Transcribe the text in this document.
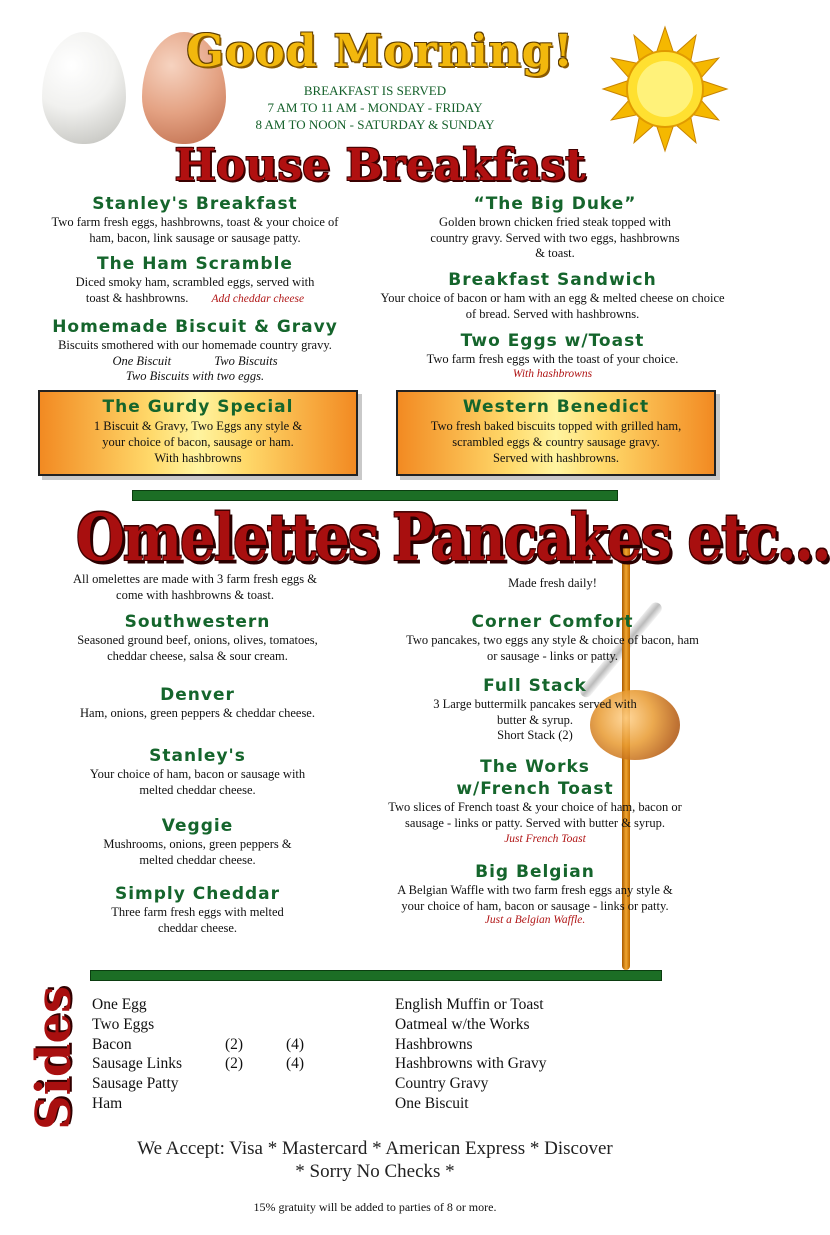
Good Morning!
BREAKFAST IS SERVED
7 AM TO 11 AM - MONDAY - FRIDAY
8 AM TO NOON - SATURDAY & SUNDAY
House Breakfast
Stanley's Breakfast
Two farm fresh eggs, hashbrowns, toast & your choice of ham, bacon, link sausage or sausage patty.
The Ham Scramble
Diced smoky ham, scrambled eggs, served with toast & hashbrowns. Add cheddar cheese
Homemade Biscuit & Gravy
Biscuits smothered with our homemade country gravy.
One Biscuit	Two Biscuits
Two Biscuits with two eggs.
“The Big Duke”
Golden brown chicken fried steak topped with country gravy. Served with two eggs, hashbrowns & toast.
Breakfast Sandwich
Your choice of bacon or ham with an egg & melted cheese on choice of bread. Served with hashbrowns.
Two Eggs w/Toast
Two farm fresh eggs with the toast of your choice.
With hashbrowns
The Gurdy Special
1 Biscuit & Gravy, Two Eggs any style &
your choice of bacon, sausage or ham.
With hashbrowns
Western Benedict
Two fresh baked biscuits topped with grilled ham,
scrambled eggs & country sausage gravy.
Served with hashbrowns.
Omelettes
All omelettes are made with 3 farm fresh eggs & come with hashbrowns & toast.
Southwestern
Seasoned ground beef, onions, olives, tomatoes, cheddar cheese, salsa & sour cream.
Denver
Ham, onions, green peppers & cheddar cheese.
Stanley's
Your choice of ham, bacon or sausage with melted cheddar cheese.
Veggie
Mushrooms, onions, green peppers & melted cheddar cheese.
Simply Cheddar
Three farm fresh eggs with melted cheddar cheese.
Pancakes etc...
Made fresh daily!
Corner Comfort
Two pancakes, two eggs any style & choice of bacon, ham or sausage - links or patty.
Full Stack
3 Large buttermilk pancakes served with butter & syrup.
Short Stack (2)
The Works
w/French Toast
Two slices of French toast & your choice of ham, bacon or sausage - links or patty. Served with butter & syrup. Just French Toast
Big Belgian
A Belgian Waffle with two farm fresh eggs any style & your choice of ham, bacon or sausage - links or patty.
Just a Belgian Waffle.
Sides One Egg
Two Eggs
Bacon	(2)	(4)
Sausage Links	(2)	(4)
Sausage Patty
Ham
English Muffin or Toast
Oatmeal w/the Works
Hashbrowns
Hashbrowns with Gravy
Country Gravy
One Biscuit
We Accept: Visa * Mastercard * American Express * Discover
* Sorry No Checks *
15% gratuity will be added to parties of 8 or more.
